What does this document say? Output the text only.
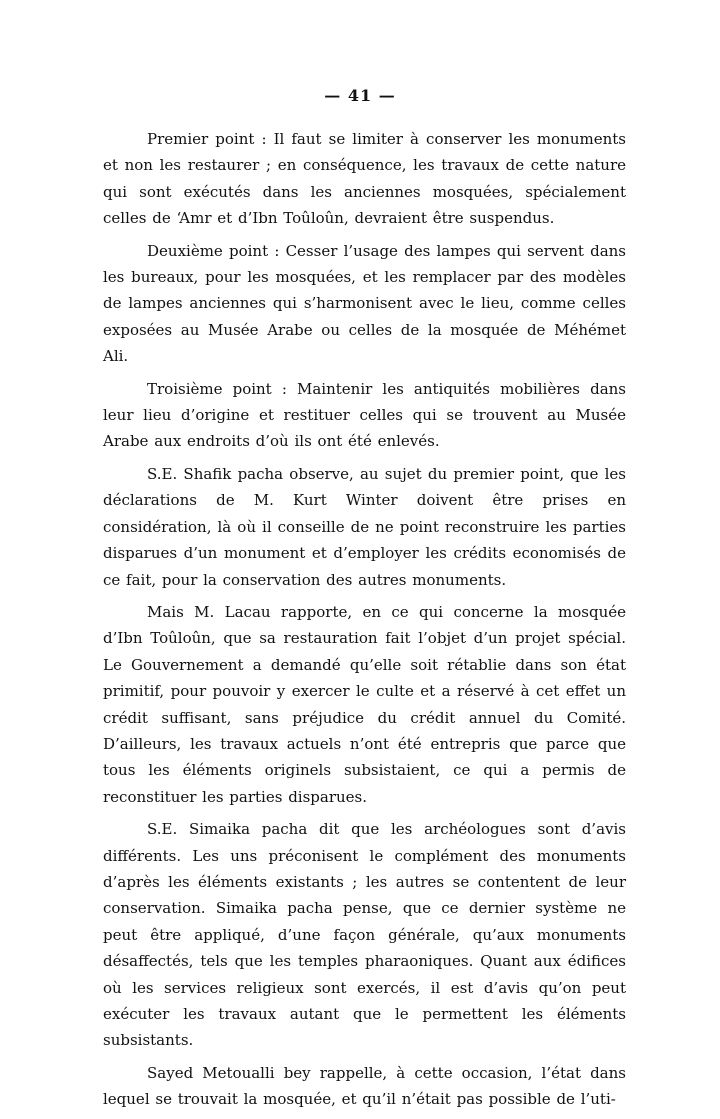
— 41 —

Premier point : Il faut se limiter à conserver les monuments et non les restaurer ; en conséquence, les travaux de cette nature qui sont exécutés dans les anciennes mosquées, spécialement celles de ‘Amr et d’Ibn Toûloûn, devraient être suspendus.

Deuxième point : Cesser l’usage des lampes qui servent dans les bureaux, pour les mosquées, et les remplacer par des modèles de lampes anciennes qui s’harmonisent avec le lieu, comme celles exposées au Musée Arabe ou celles de la mosquée de Méhémet Ali.

Troisième point : Maintenir les antiquités mobilières dans leur lieu d’origine et restituer celles qui se trouvent au Musée Arabe aux endroits d’où ils ont été enlevés.

S.E. Shafik pacha observe, au sujet du premier point, que les déclarations de M. Kurt Winter doivent être prises en considération, là où il conseille de ne point reconstruire les parties disparues d’un monument et d’employer les crédits economisés de ce fait, pour la conservation des autres monuments.

Mais M. Lacau rapporte, en ce qui concerne la mosquée d’Ibn Toûloûn, que sa restauration fait l’objet d’un projet spécial. Le Gouvernement a demandé qu’elle soit rétablie dans son état primitif, pour pouvoir y exercer le culte et a réservé à cet effet un crédit suffisant, sans préjudice du crédit annuel du Comité. D’ailleurs, les travaux actuels n’ont été entrepris que parce que tous les éléments originels subsistaient, ce qui a permis de reconstituer les parties disparues.

S.E. Simaika pacha dit que les archéologues sont d’avis différents. Les uns préconisent le complément des monuments d’après les éléments existants ; les autres se contentent de leur conservation. Simaika pacha pense, que ce dernier système ne peut être appliqué, d’une façon générale, qu’aux monuments désaffectés, tels que les temples pharaoniques. Quant aux édifices où les services religieux sont exercés, il est d’avis qu’on peut exécuter les travaux autant que le permettent les éléments subsistants.

Sayed Metoualli bey rappelle, à cette occasion, l’état dans lequel se trouvait la mosquée, et qu’il n’était pas possible de l’uti-
